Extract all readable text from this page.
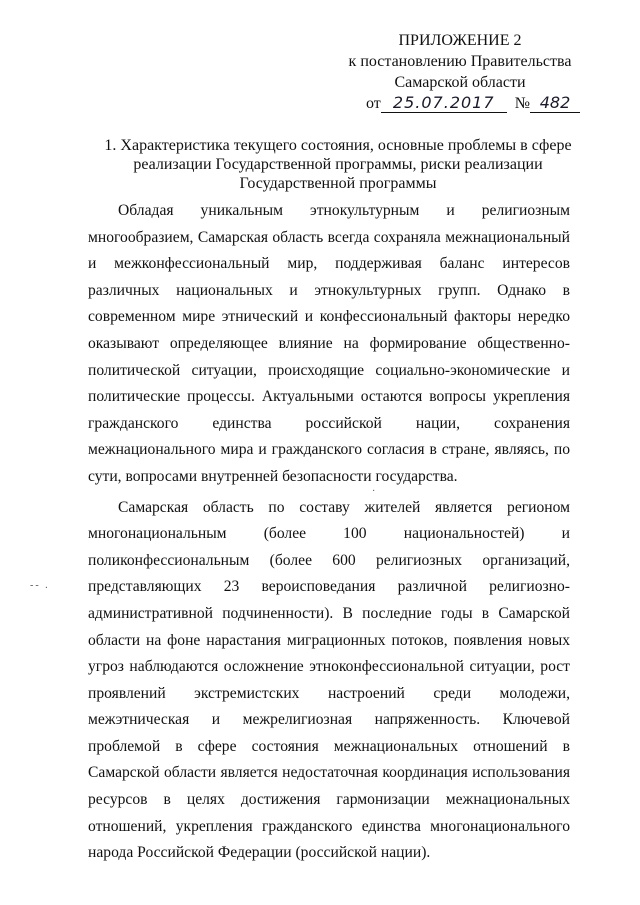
ПРИЛОЖЕНИЕ 2
к постановлению Правительства
Самарской области
от 25.07.2017	№ 482
1. Характеристика текущего состояния, основные проблемы в сфере реализации Государственной программы, риски реализации Государственной программы

Обладая уникальным этнокультурным и религиозным многообразием, Самарская область всегда сохраняла межнациональный и межконфессиональный мир, поддерживая баланс интересов различных национальных и этнокультурных групп. Однако в современном мире этнический и конфессиональный факторы нередко оказывают определяющее влияние на формирование общественно-политической ситуации, происходящие социально-экономические и политические процессы. Актуальными остаются вопросы укрепления гражданского единства российской нации, сохранения межнационального мира и гражданского согласия в стране, являясь, по сути, вопросами внутренней безопасности государства.

Самарская область по составу жителей является регионом многонациональным (более 100 национальностей) и поликонфессиональным (более 600 религиозных организаций, представляющих 23 вероисповедания различной религиозно-административной подчиненности). В последние годы в Самарской области на фоне нарастания миграционных потоков, появления новых угроз наблюдаются осложнение этноконфессиональной ситуации, рост проявлений экстремистских настроений среди молодежи, межэтническая и межрелигиозная напряженность. Ключевой проблемой в сфере состояния межнациональных отношений в Самарской области является недостаточная координация использования ресурсов в целях достижения гармонизации межнациональных отношений, укрепления гражданского единства многонационального народа Российской Федерации (российской нации).

·
-- .
